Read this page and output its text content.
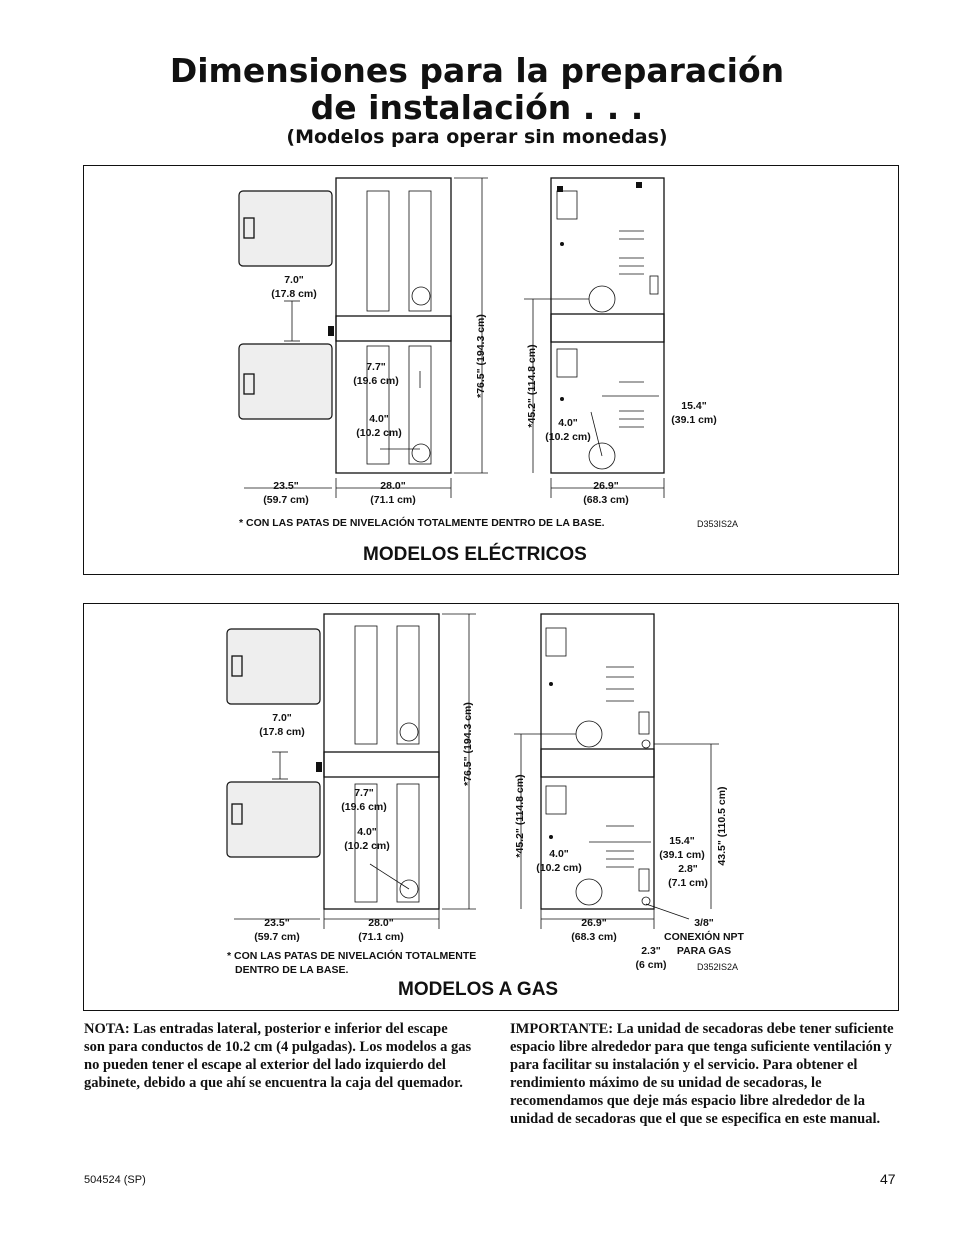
Dimensiones para la preparación
de instalación . . .
(Modelos para operar sin monedas)
7.0"
(17.8 cm)
7.7"
(19.6 cm)
4.0"
(10.2 cm)
23.5"
(59.7 cm)
28.0"
(71.1 cm)
*76.5" (194.3 cm)	*45.2" (114.8 cm) 4.0"
(10.2 cm)
15.4"
(39.1 cm)
26.9"
(68.3 cm)
* CON LAS PATAS DE NIVELACIÓN TOTALMENTE DENTRO DE LA BASE.	D353IS2A
MODELOS ELÉCTRICOS
7.0"
(17.8 cm)
7.7"
(19.6 cm)
4.0"
(10.2 cm)
23.5"
(59.7 cm)
28.0"
(71.1 cm)
*76.5" (194.3 cm)
*45.2" (114.8 cm)	43.5" (110.5 cm)
4.0"
(10.2 cm)
15.4"
(39.1 cm)
2.8"
(7.1 cm)
26.9"
(68.3 cm)
3/8"
CONEXIÓN NPT
PARA GAS
2.3"
(6 cm)
* CON LAS PATAS DE NIVELACIÓN TOTALMENTE
DENTRO DE LA BASE.	D352IS2A
MODELOS A GAS
NOTA: Las entradas lateral, posterior e inferior del escape son para conductos de 10.2 cm (4 pulgadas). Los modelos a gas no pueden tener el escape al exterior del lado izquierdo del gabinete, debido a que ahí se encuentra la caja del quemador.
IMPORTANTE: La unidad de secadoras debe tener suficiente espacio libre alrededor para que tenga suficiente ventilación y para facilitar su instalación y el servicio. Para obtener el rendimiento máximo de su unidad de secadoras, le recomendamos que deje más espacio libre alrededor de la unidad de secadoras que el que se especifica en este manual.
504524 (SP)	47
